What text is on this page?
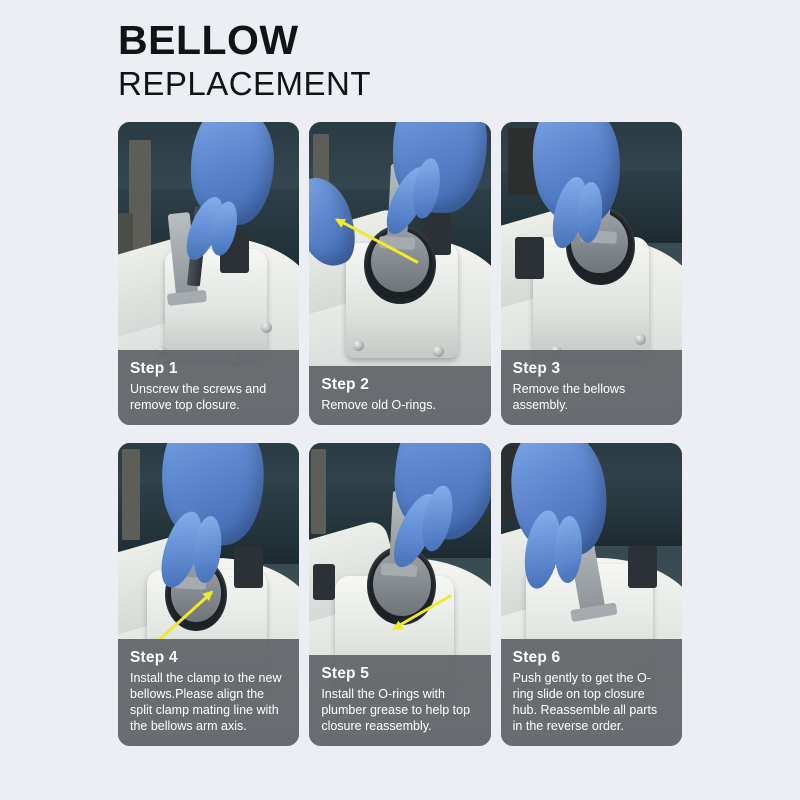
BELLOW
REPLACEMENT
Step 1
Unscrew the screws and remove top closure.
Step 2
Remove old O-rings.
Step 3
Remove the bellows assembly.
Step 4
Install the clamp to the new bellows.Please align the split clamp mating line with the bellows arm axis.
Step 5
Install the O-rings with plumber grease to help top closure reassembly.
Step 6
Push gently to get the O-ring slide on top closure hub. Reassemble all parts in the reverse order.
